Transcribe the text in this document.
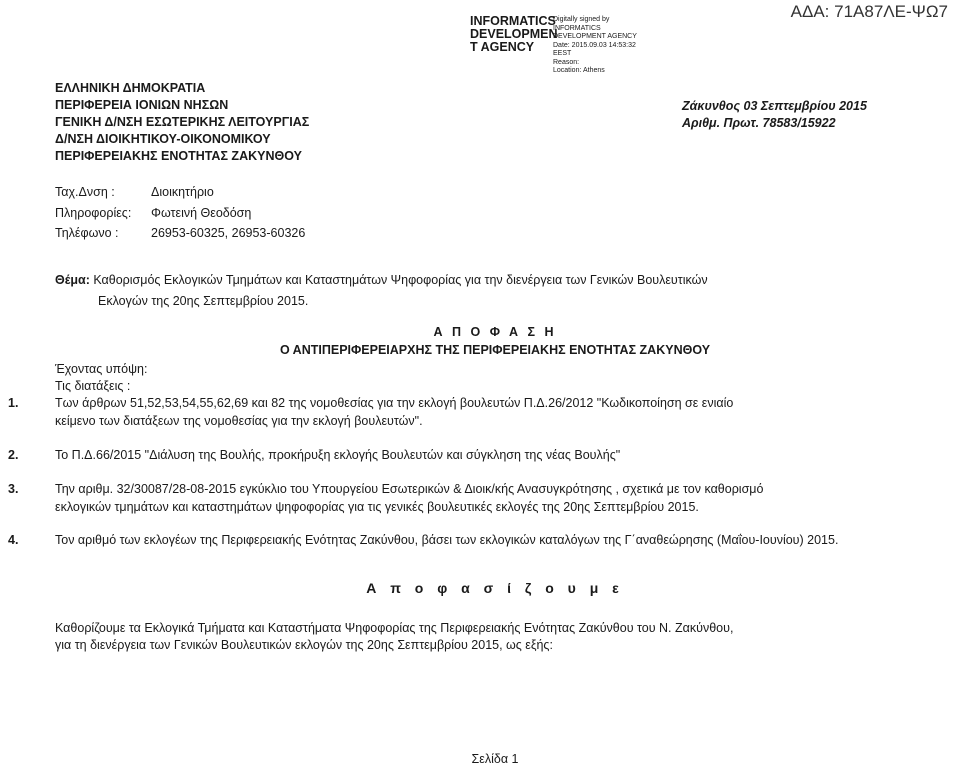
INFORMATICS
DEVELOPMEN
T AGENCY
Digitally signed by
INFORMATICS
DEVELOPMENT AGENCY
Date: 2015.09.03 14:53:32
EEST
Reason:
Location: Athens
ΑΔΑ: 71Α87ΛΕ-ΨΩ7
ΕΛΛΗΝΙΚΗ ΔΗΜΟΚΡΑΤΙΑ
ΠΕΡΙΦΕΡΕΙΑ ΙΟΝΙΩΝ ΝΗΣΩΝ
ΓΕΝΙΚΗ Δ/ΝΣΗ ΕΣΩΤΕΡΙΚΗΣ ΛΕΙΤΟΥΡΓΙΑΣ
Δ/ΝΣΗ ΔΙΟΙΚΗΤΙΚΟΥ-ΟΙΚΟΝΟΜΙΚΟΥ
ΠΕΡΙΦΕΡΕΙΑΚΗΣ ΕΝΟΤΗΤΑΣ ΖΑΚΥΝΘΟΥ
Ζάκυνθος 03 Σεπτεμβρίου 2015
Αριθμ. Πρωτ. 78583/15922
Ταχ.Δνση :	Διοικητήριο
Πληροφορίες: Φωτεινή Θεοδόση
Τηλέφωνο :	26953-60325, 26953-60326
Θέμα: Καθορισμός Εκλογικών Τμημάτων και Καταστημάτων Ψηφοφορίας για την διενέργεια των Γενικών Βουλευτικών
Εκλογών της 20ης Σεπτεμβρίου 2015.
Α Π Ο Φ Α Σ Η
Ο ΑΝΤΙΠΕΡΙΦΕΡΕΙΑΡΧΗΣ ΤΗΣ ΠΕΡΙΦΕΡΕΙΑΚΗΣ ΕΝΟΤΗΤΑΣ ΖΑΚΥΝΘΟΥ
Έχοντας υπόψη:
Τις διατάξεις :
1.	Των άρθρων 51,52,53,54,55,62,69 και 82 της νομοθεσίας για την εκλογή βουλευτών Π.Δ.26/2012 "Κωδικοποίηση σε ενιαίο
κείμενο των διατάξεων της νομοθεσίας για την εκλογή βουλευτών".
2.	Το Π.Δ.66/2015 "Διάλυση της Βουλής, προκήρυξη εκλογής Βουλευτών και σύγκληση της νέας Βουλής"
3.	Την αριθμ. 32/30087/28-08-2015 εγκύκλιο του Υπουργείου Εσωτερικών & Διοικ/κής Ανασυγκρότησης , σχετικά με τον καθορισμό
εκλογικών τμημάτων και καταστημάτων ψηφοφορίας για τις γενικές βουλευτικές εκλογές της 20ης Σεπτεμβρίου 2015.
4.	Τον αριθμό των εκλογέων της Περιφερειακής Ενότητας Ζακύνθου, βάσει των εκλογικών καταλόγων της Γ΄αναθεώρησης (Μαΐου-Ιουνίου) 2015.
Α π ο φ α σ ί ζ ο υ μ ε
Καθορίζουμε τα Εκλογικά Τμήματα και Καταστήματα Ψηφοφορίας της Περιφερειακής Ενότητας Ζακύνθου του Ν. Ζακύνθου,
για τη διενέργεια των Γενικών Βουλευτικών εκλογών της 20ης Σεπτεμβρίου 2015, ως εξής:
Σελίδα 1
